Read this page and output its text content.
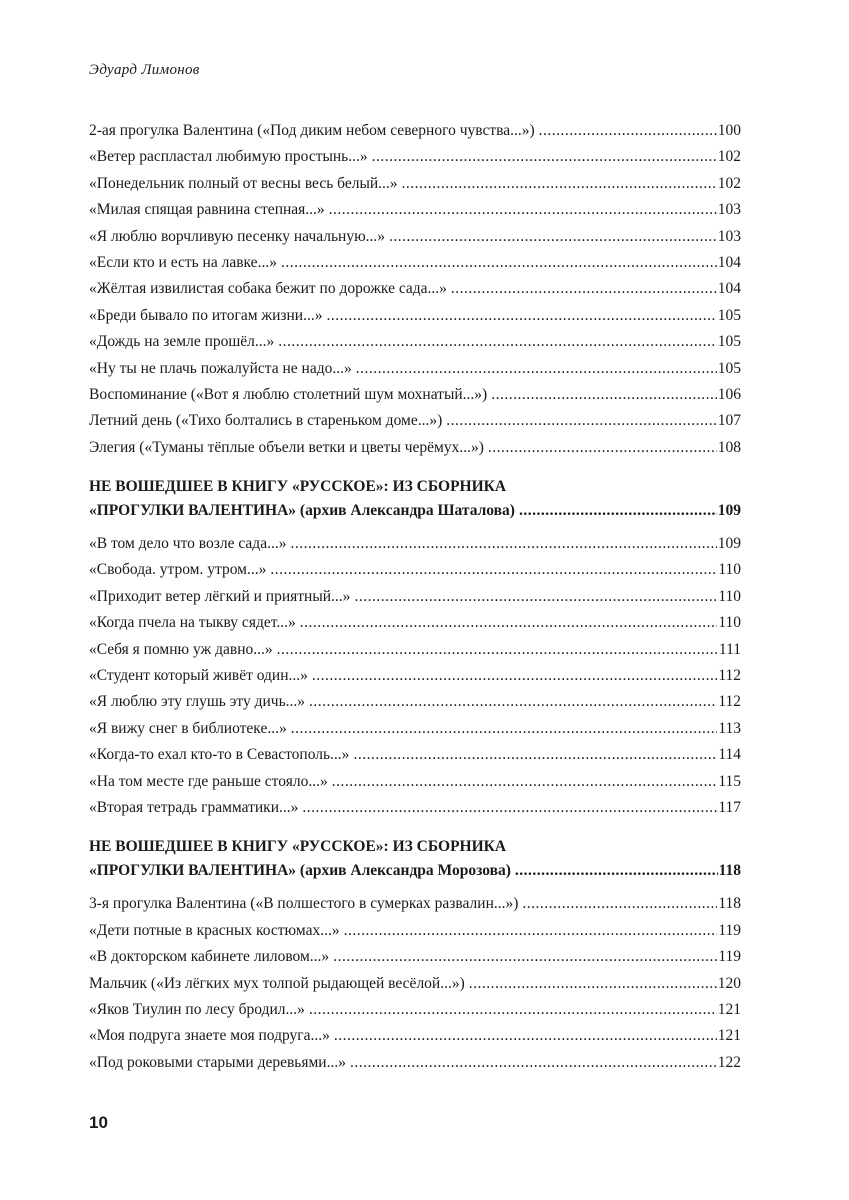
Эдуард Лимонов
2-ая прогулка Валентина («Под диким небом северного чувства...») .....	100
«Ветер распластал любимую простынь...» .....	102
«Понедельник полный от весны весь белый...» .....	102
«Милая спящая равнина степная...» .....	103
«Я люблю ворчливую песенку начальную...» .....	103
«Если кто и есть на лавке...» .....	104
«Жёлтая извилистая собака бежит по дорожке сада...» .....	104
«Бреди бывало по итогам жизни...» .....	105
«Дождь на земле прошёл...» .....	105
«Ну ты не плачь пожалуйста не надо...» .....	105
Воспоминание («Вот я люблю столетний шум мохнатый...») .....	106
Летний день («Тихо болтались в стареньком доме...») .....	107
Элегия («Туманы тёплые объели ветки и цветы черёмух...») .....	108
НЕ ВОШЕДШЕЕ В КНИГУ «РУССКОЕ»: ИЗ СБОРНИКА
«ПРОГУЛКИ ВАЛЕНТИНА» (архив Александра Шаталова) .....	109
«В том дело что возле сада...» .....	109
«Свобода. утром. утром...» .....	110
«Приходит ветер лёгкий и приятный...» .....	110
«Когда пчела на тыкву сядет...» .....	110
«Себя я помню уж давно...» .....	111
«Студент который живёт один...» .....	112
«Я люблю эту глушь эту дичь...» .....	112
«Я вижу снег в библиотеке...» .....	113
«Когда-то ехал кто-то в Севастополь...» .....	114
«На том месте где раньше стояло...» .....	115
«Вторая тетрадь грамматики...» .....	117
НЕ ВОШЕДШЕЕ В КНИГУ «РУССКОЕ»: ИЗ СБОРНИКА
«ПРОГУЛКИ ВАЛЕНТИНА» (архив Александра Морозова) .....	118
3-я прогулка Валентина («В полшестого в сумерках развалин...») .....	118
«Дети потные в красных костюмах...» .....	119
«В докторском кабинете лиловом...» .....	119
Мальчик («Из лёгких мух толпой рыдающей весёлой...») .....	120
«Яков Тиулин по лесу бродил...» .....	121
«Моя подруга знаете моя подруга...» .....	121
«Под роковыми старыми деревьями...» .....	122
10
